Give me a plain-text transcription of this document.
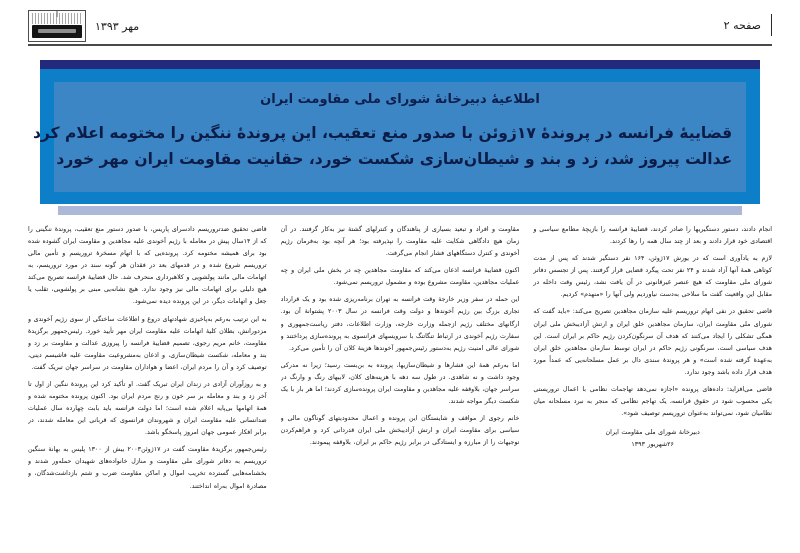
مهر ۱۳۹۳	صفحه ۲
اطلاعیهٔ دبیرخانهٔ شورای ملی مقاومت ایران
قضاییهٔ فرانسه در پروندهٔ ۱۷ژوئن با صدور منع تعقیب، این پروندهٔ ننگین را مختومه اعلام کرد
عدالت پیروز شد، زد و بند و شیطان‌سازی شکست خورد، حقانیت مقاومت ایران مهر خورد

قاضی تحقیق ضدتروریسم دادسرای پاریس، با صدور دستور منع تعقیب، پروندهٔ ننگینی را که از ۱۴سال پیش در معامله با رژیم آخوندی علیه مجاهدین و مقاومت ایران گشوده شده بود برای همیشه مختومه کرد. پرونده‌یی که با اتهام مسخرهٔ تروریسم و تأمین مالی تروریسم شروع شده و در قدمهای بعد در فقدان هر گونه سند در مورد تروریسم، به اتهامات مالی مانند پولشویی و کلاهبرداری منحرف شد. حال قضاییهٔ فرانسه تصریح می‌کند هیچ دلیلی برای اتهامات مالی نیز وجود ندارد. هیچ نشانه‌یی مبنی بر پولشویی، تقلب یا جعل و اتهامات دیگر، در این پرونده دیده نمی‌شود.

به این ترتیب به‌رغم به‌پاخیزی شهادتهای دروغ و اطلاعات ساختگی از سوی رژیم آخوندی و مزدورانش، بطلان کلیهٔ اتهامات علیه مقاومت ایران مهر تأیید خورد. رئیس‌جمهور برگزیدهٔ مقاومت، خانم مریم رجوی، تصمیم قضاییهٔ فرانسه را پیروزی عدالت و مقاومت بر زد و بند و معامله، شکست شیطان‌سازی، و اذعان به‌مشروعیت مقاومت علیه فاشیسم دینی، توصیف کرد و آن را مردم ایران، اعضا و هواداران مقاومت در سراسر جهان تبریک گفت.

و به روزآوران آزادی در زندان ایران تبریک گفت. او تأکید کرد این پروندهٔ ننگین از اول تا آخر زد و بند و معامله بر سر خون و رنج مردم ایران بود. اکنون پرونده مختومه شده و همهٔ اتهامها بی‌پایه اعلام شده است؛ اما دولت فرانسه باید بابت چهارده سال عملیات ضدانسانی علیه مقاومت ایران و شهروندان فرانسوی که قربانی این معامله شدند، در برابر افکار عمومی جهان امروز پاسخگو باشد.

رئیس‌جمهور برگزیدهٔ مقاومت گفت در ۱۷ژوئن۲۰۰۳ بیش از ۱۳۰۰ پلیس به بهانهٔ سنگین تروریسم به دفاتر شورای ملی مقاومت و منازل خانواده‌های شهیدان حمله‌ور شدند و بخشنامه‌هایی گسترده تخریب اموال و اماکن مقاومت ضرب و شتم بازداشت‌شدگان، و مصادرهٔ اموال به‌راه انداختند.

مقاومت و افراد و تبعید بسیاری از پناهندگان و کنترلهای گشتهٔ نیز به‌کار گرفتند. در آن زمان هیچ دادگاهی شکایت علیه مقاومت را نپذیرفته بود؛ هر آنچه بود به‌فرمان رژیم آخوندی و کنترل دستگاههای فشار انجام می‌گرفت.

اکنون قضاییهٔ فرانسه اذعان می‌کند که مقاومت مجاهدین چه در بخش ملی ایران و چه عملیات مجاهدین، مقاومت مشروع بوده و مشمول تروریسم نمی‌شود.

این حمله در سفر وزیر خارجهٔ وقت فرانسه به تهران برنامه‌ریزی شده بود و یک قرارداد تجاری بزرگ بین رژیم آخوندها و دولت وقت فرانسه در سال ۲۰۰۳ پشتوانهٔ آن بود. ارگانهای مختلف رژیم ازجمله وزارت خارجه، وزارت اطلاعات، دفتر ریاست‌جمهوری و سفارت رژیم آخوندی در ارتباط تنگاتنگ با سرویسهای فرانسوی به پرونده‌سازی پرداختند و شورای عالی امنیت رژیم به‌دستور رئیس‌جمهور آخوندها هزینهٔ کلان آن را تأمین می‌کرد.

اما به‌رغم همهٔ این فشارها و شیطان‌سازیها، پرونده به بن‌بست رسید؛ زیرا نه مدرکی وجود داشت و نه شاهدی. در طول سه دهه با هزینه‌های کلان، لابیهای رنگ و وارنگ در سراسر جهان، بلاوقفه علیه مجاهدین و مقاومت ایران پرونده‌سازی کردند؛ اما هر بار با یک شکست دیگر مواجه شدند.

خانم رجوی از مواقف و شایستگان این پرونده و اعمال محدودیتهای گوناگون مالی و سیاسی برای مقاومت ایران و ارتش آزادیبخش ملی ایران قدردانی کرد و فراهم‌کردن توجیهات را از مبارزه و ایستادگی در برابر رژیم حاکم بر ایران، بلاوقفه پیمودند.

انجام دادند، دستور دستگیریها را صادر کردند، قضاییهٔ فرانسه را بازیچهٔ مطامع سیاسی و اقتصادی خود قرار دادند و بعد از چند سال همه را رها کردند.

لازم به یادآوری است که در یورش ۱۷ژوئن، ۱۶۴ نفر دستگیر شدند که پس از مدت کوتاهی همهٔ آنها آزاد شدند و ۲۴ نفر تحت پیگرد قضایی قرار گرفتند. پس از تجسس دفاتر شورای ملی مقاومت که هیچ عنصر غیرقانونی در آن یافت نشد، رئیس وقت داخله در مقابل این واقعیت گفت ما سلاحی به‌دست نیاوردیم ولی آنها را «منهدم» کردیم.

قاضی تحقیق در نفی اتهام تروریسم علیه سازمان مجاهدین تصریح می‌کند: «باید گفت که شورای ملی مقاومت ایران، سازمان مجاهدین خلق ایران و ارتش آزادیبخش ملی ایران همگی تشکلی را ایجاد می‌کنند که هدف آن سرنگون‌کردن رژیم حاکم بر ایران است. این هدف سیاسی است، سرنگونی رژیم حاکم در ایران توسط سازمان مجاهدین خلق ایران به‌عهدهٔ گرفته شده است» و هر پروندهٔ سندی دال بر عمل مسلحانه‌یی که عمداً مورد هدف قرار داده باشد وجود ندارد.

قاضی می‌افزاید: داده‌های پرونده «اجازه نمی‌دهد تهاجمات نظامی با اعمال تروریستی یکی محسوب شود در حقوق فرانسه، یک تهاجم نظامی که منجر به نبرد مسلحانه میان نظامیان شود، نمی‌تواند به‌عنوان تروریسم توصیف شود».

دبیرخانهٔ شورای ملی مقاومت ایران
۲۶شهریور ۱۳۹۳
